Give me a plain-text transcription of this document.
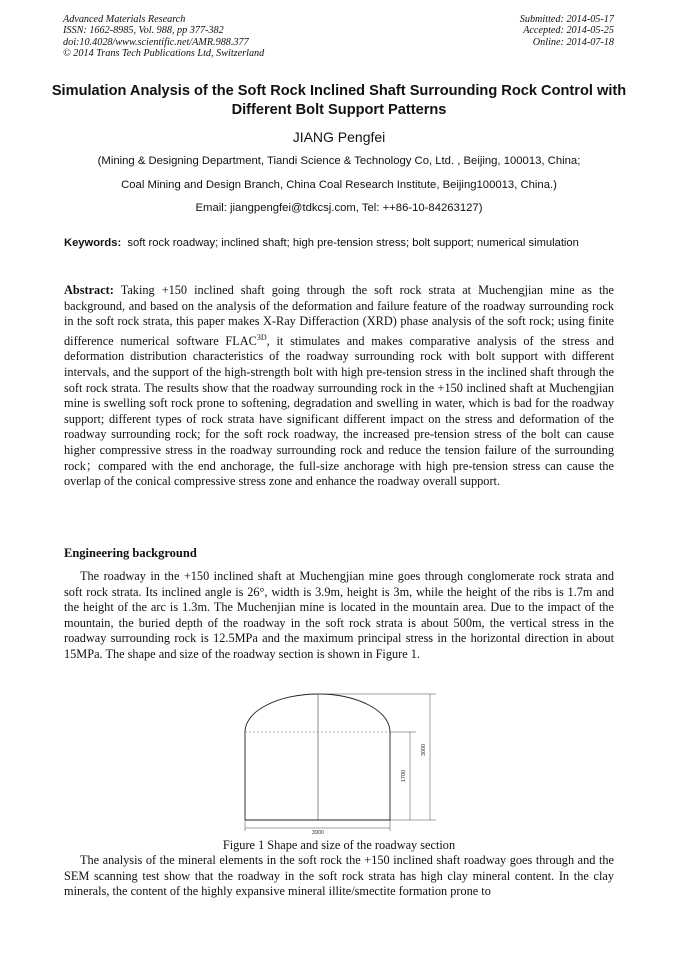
Advanced Materials Research
ISSN: 1662-8985, Vol. 988, pp 377-382
doi:10.4028/www.scientific.net/AMR.988.377
© 2014 Trans Tech Publications Ltd, Switzerland
Submitted: 2014-05-17
Accepted: 2014-05-25
Online: 2014-07-18
Simulation Analysis of the Soft Rock Inclined Shaft Surrounding Rock Control with Different Bolt Support Patterns
JIANG Pengfei
(Mining & Designing Department, Tiandi Science & Technology Co, Ltd. , Beijing, 100013, China;
Coal Mining and Design Branch, China Coal Research Institute, Beijing100013, China.)
Email: jiangpengfei@tdkcsj.com, Tel: ++86-10-84263127)
Keywords: soft rock roadway; inclined shaft; high pre-tension stress; bolt support; numerical simulation
Abstract: Taking +150 inclined shaft going through the soft rock strata at Muchengjian mine as the background, and based on the analysis of the deformation and failure feature of the roadway surrounding rock in the soft rock strata, this paper makes X-Ray Differaction (XRD) phase analysis of the soft rock; using finite difference numerical software $FLAC^{3D}$, it stimulates and makes comparative analysis of the stress and deformation distribution characteristics of the roadway surrounding rock with bolt support with different intervals, and the support of the high-strength bolt with high pre-tension stress in the inclined shaft through the soft rock strata. The results show that the roadway surrounding rock in the +150 inclined shaft at Muchengjian mine is swelling soft rock prone to softening, degradation and swelling in water, which is bad for the roadway support; different types of rock strata have significant different impact on the stress and deformation of the roadway surrounding rock; for the soft rock roadway, the increased pre-tension stress of the bolt can cause higher compressive stress in the roadway surrounding rock and reduce the tension failure of the surrounding rock；compared with the end anchorage, the full-size anchorage with high pre-tension stress can cause the overlap of the conical compressive stress zone and enhance the roadway overall support.
Engineering background

The roadway in the +150 inclined shaft at Muchengjian mine goes through conglomerate rock strata and soft rock strata. Its inclined angle is 26°, width is 3.9m, height is 3m, while the height of the ribs is 1.7m and the height of the arc is 1.3m. The Muchenjian mine is located in the mountain area. Due to the impact of the mountain, the buried depth of the roadway in the soft rock strata is about 500m, the vertical stress in the roadway surrounding rock is 12.5MPa and the maximum principal stress in the horizontal direction in about 15MPa. The shape and size of the roadway section is shown in Figure 1.

3900
1700
3000
Figure 1 Shape and size of the roadway section

The analysis of the mineral elements in the soft rock the +150 inclined shaft roadway goes through and the SEM scanning test show that the roadway in the soft rock strata has high clay mineral content. In the clay minerals, the content of the highly expansive mineral illite/smectite formation prone to
